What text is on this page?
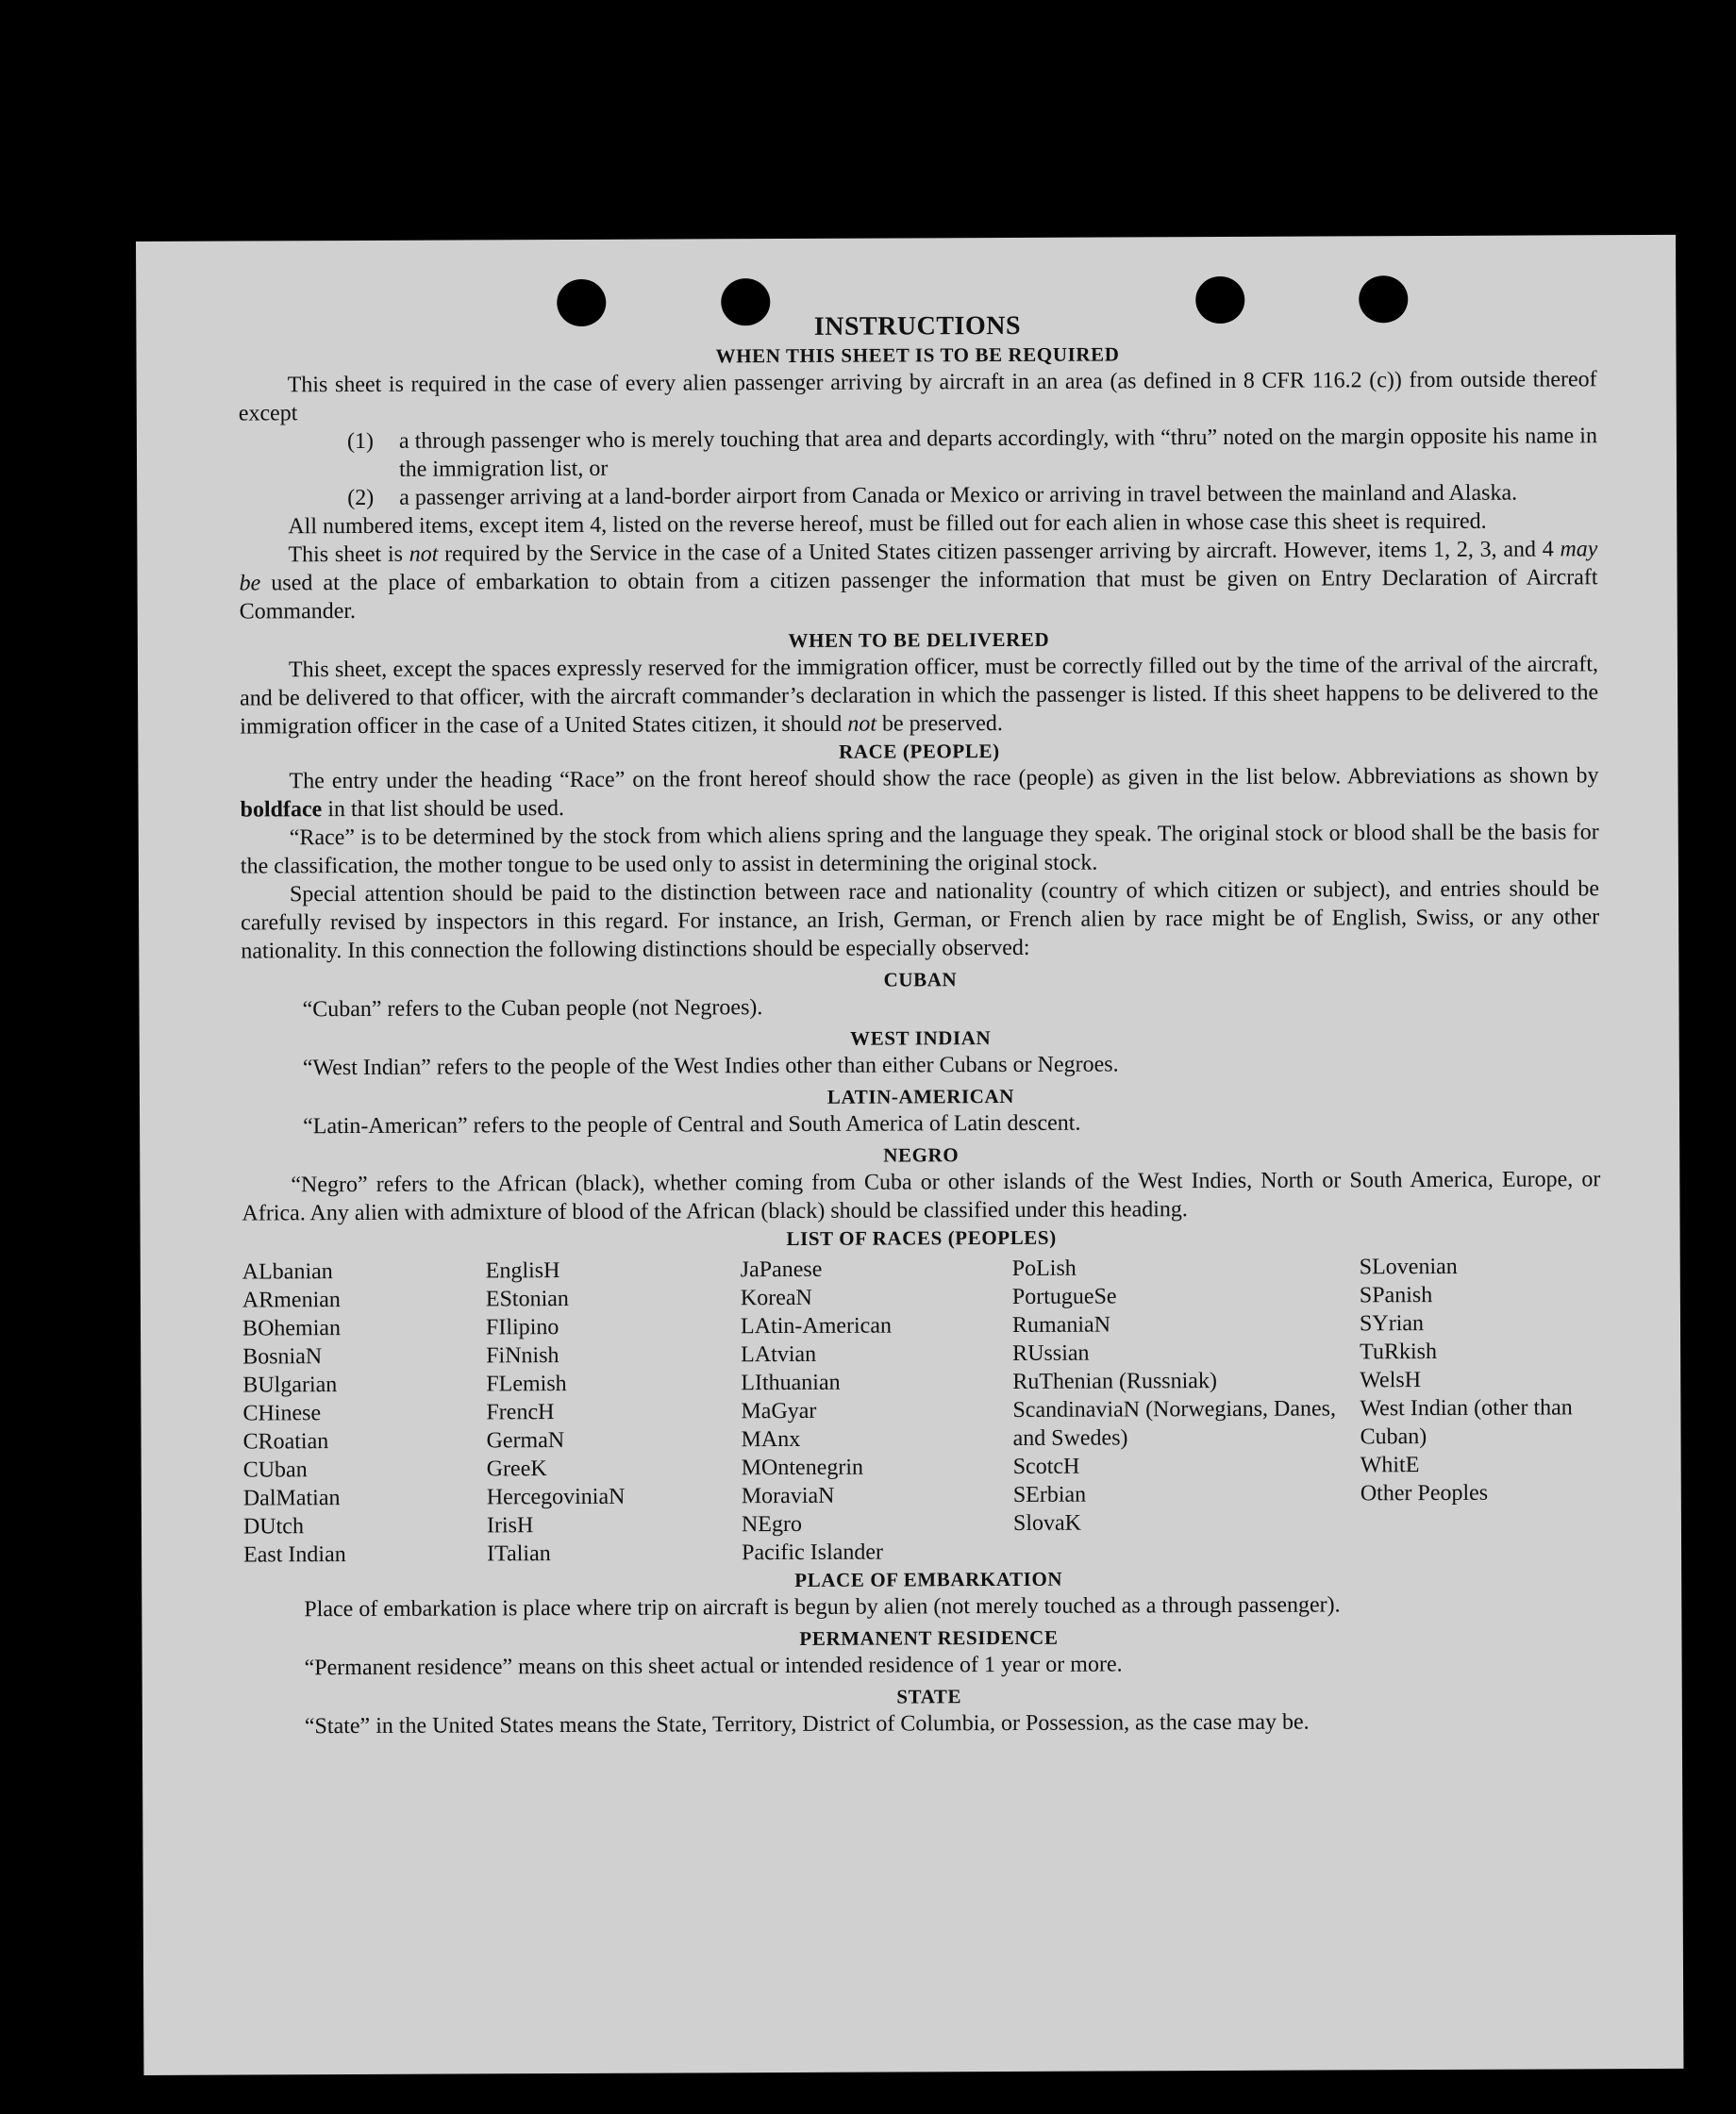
INSTRUCTIONS
WHEN THIS SHEET IS TO BE REQUIRED

This sheet is required in the case of every alien passenger arriving by aircraft in an area (as defined in 8 CFR 116.2 (c)) from outside thereof except

(1)	a through passenger who is merely touching that area and departs accordingly, with “thru” noted on the margin opposite his name in the immigration list, or

(2)	a passenger arriving at a land-border airport from Canada or Mexico or arriving in travel between the mainland and Alaska.

All numbered items, except item 4, listed on the reverse hereof, must be filled out for each alien in whose case this sheet is required.

This sheet is not required by the Service in the case of a United States citizen passenger arriving by aircraft. However, items 1, 2, 3, and 4 may be used at the place of embarkation to obtain from a citizen passenger the information that must be given on Entry Declaration of Aircraft Commander.

WHEN TO BE DELIVERED

This sheet, except the spaces expressly reserved for the immigration officer, must be correctly filled out by the time of the arrival of the aircraft, and be delivered to that officer, with the aircraft commander’s declaration in which the passenger is listed. If this sheet happens to be delivered to the immigration officer in the case of a United States citizen, it should not be preserved.

RACE (PEOPLE)

The entry under the heading “Race” on the front hereof should show the race (people) as given in the list below. Abbreviations as shown by boldface in that list should be used.

“Race” is to be determined by the stock from which aliens spring and the language they speak. The original stock or blood shall be the basis for the classification, the mother tongue to be used only to assist in determining the original stock.

Special attention should be paid to the distinction between race and nationality (country of which citizen or subject), and entries should be carefully revised by inspectors in this regard. For instance, an Irish, German, or French alien by race might be of English, Swiss, or any other nationality. In this connection the following distinctions should be especially observed:

CUBAN

“Cuban” refers to the Cuban people (not Negroes).

WEST INDIAN

“West Indian” refers to the people of the West Indies other than either Cubans or Negroes.

LATIN-AMERICAN

“Latin-American” refers to the people of Central and South America of Latin descent.

NEGRO

“Negro” refers to the African (black), whether coming from Cuba or other islands of the West Indies, North or South America, Europe, or Africa. Any alien with admixture of blood of the African (black) should be classified under this heading.

LIST OF RACES (PEOPLES)
ALbanian
ARmenian
BOhemian
BosniaN
BUlgarian
CHinese
CRoatian
CUban
DalMatian
DUtch
East Indian
EnglisH
EStonian
FIlipino
FiNnish
FLemish
FrencH
GermaN
GreeK
HercegoviniaN
IrisH
ITalian
JaPanese
KoreaN
LAtin-American
LAtvian
LIthuanian
MaGyar
MAnx
MOntenegrin
MoraviaN
NEgro
Pacific Islander
PoLish
PortugueSe
RumaniaN
RUssian
RuThenian (Russniak)
ScandinaviaN (Norwegians, Danes, and Swedes)
ScotcH
SErbian
SlovaK
SLovenian
SPanish
SYrian
TuRkish
WelsH
West Indian (other than Cuban)
WhitE
Other Peoples
PLACE OF EMBARKATION

Place of embarkation is place where trip on aircraft is begun by alien (not merely touched as a through passenger).

PERMANENT RESIDENCE

“Permanent residence” means on this sheet actual or intended residence of 1 year or more.

STATE

“State” in the United States means the State, Territory, District of Columbia, or Possession, as the case may be.
